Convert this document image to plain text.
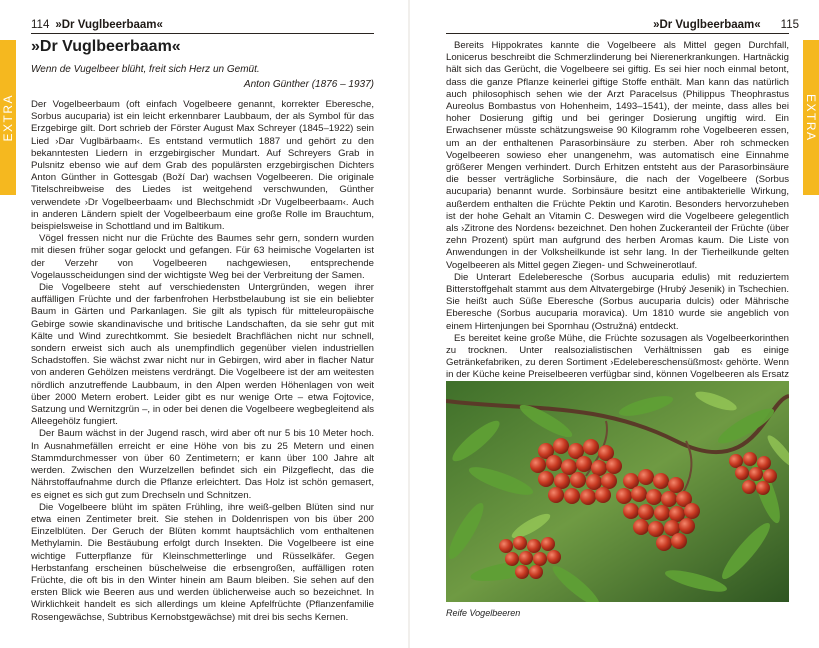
114 »Dr Vuglbeerbaam«
EXTRA
»Dr Vuglbeerbaam«
Wenn de Vugelbeer blüht, freit sich Herz un Gemüt.
Anton Günther (1876 – 1937)

Der Vogelbeerbaum (oft einfach Vogelbeere genannt, korrekter Eberesche, Sorbus aucuparia) ist ein leicht erkennbarer Laubbaum, der als Symbol für das Erzgebirge gilt. Dort schrieb der Förster August Max Schreyer (1845–1922) sein Lied ›Dar Vuglbärbaam‹. Es entstand vermutlich 1887 und gehört zu den bekanntesten Liedern in erzgebirgischer Mundart. Auf Schreyers Grab in Pulsnitz ebenso wie auf dem Grab des populärsten erzgebirgischen Dichters Anton Günther in Gottesgab (Boží Dar) wachsen Vogelbeeren. Die originale Titelschreibweise des Liedes ist weitgehend verschwunden, Günther verwendete ›Dr Vogelbeerbaam‹ und Blechschmidt ›Dr Vugelbeerbaam‹. Auch in anderen Ländern spielt der Vogelbeerbaum eine große Rolle im Brauchtum, beispielsweise in Schottland und im Baltikum.

Vögel fressen nicht nur die Früchte des Baumes sehr gern, sondern wurden mit diesen früher sogar gelockt und gefangen. Für 63 heimische Vogelarten ist der Verzehr von Vogelbeeren nachgewiesen, entsprechende Vogelausscheidungen sind der wichtigste Weg bei der Verbreitung der Samen.

Die Vogelbeere steht auf verschiedensten Untergründen, wegen ihrer auffälligen Früchte und der farbenfrohen Herbstbelaubung ist sie ein beliebter Baum in Gärten und Parkanlagen. Sie gilt als typisch für mitteleuropäische Gebirge sowie skandinavische und britische Landschaften, da sie sehr gut mit Kälte und Wind zurechtkommt. Sie besiedelt Brachflächen nicht nur schnell, sondern erweist sich auch als unempfindlich gegenüber vielen industriellen Schadstoffen. Sie wächst zwar nicht nur in Gebirgen, wird aber in flacher Natur von anderen Gehölzen meistens verdrängt. Die Vogelbeere ist der am weitesten nördlich anzutreffende Laubbaum, in den Alpen werden Höhenlagen von weit über 2000 Metern erobert. Leider gibt es nur wenige Orte – etwa Fojtovice, Satzung und Wernitzgrün –, in oder bei denen die Vogelbeere wegbegleitend als Alleegehölz fungiert.

Der Baum wächst in der Jugend rasch, wird aber oft nur 5 bis 10 Meter hoch. In Ausnahmefällen erreicht er eine Höhe von bis zu 25 Metern und einen Stammdurchmesser von über 60 Zentimetern; er kann über 100 Jahre alt werden. Zwischen den Wurzelzellen befindet sich ein Pilzgeflecht, das die Nährstoffaufnahme durch die Pflanze erleichtert. Das Holz ist schön gemasert, es eignet es sich gut zum Drechseln und Schnitzen.

Die Vogelbeere blüht im späten Frühling, ihre weiß-gelben Blüten sind nur etwa einen Zentimeter breit. Sie stehen in Doldenrispen von bis über 200 Einzelblüten. Der Geruch der Blüten kommt hauptsächlich vom enthaltenen Methylamin. Die Bestäubung erfolgt durch Insekten. Die Vogelbeere ist eine wichtige Futterpflanze für Kleinschmetterlinge und Rüsselkäfer. Gegen Herbstanfang erscheinen büschelweise die erbsengroßen, auffälligen roten Früchte, die oft bis in den Winter hinein am Baum bleiben. Sie sehen auf den ersten Blick wie Beeren aus und werden üblicherweise auch so bezeichnet. In Wirklichkeit handelt es sich allerdings um kleine Apfelfrüchte (Pflanzenfamilie Rosengewächse, Subtribus Kernobstgewächse) mit drei bis sechs Kernen.

»Dr Vuglbeerbaam« 115
EXTRA

Bereits Hippokrates kannte die Vogelbeere als Mittel gegen Durchfall, Lonicerus beschreibt die Schmerzlinderung bei Nierenerkrankungen. Hartnäckig hält sich das Gerücht, die Vogelbeere sei giftig. Es sei hier noch einmal betont, dass die ganze Pflanze keinerlei giftige Stoffe enthält. Man kann das natürlich auch philosophisch sehen wie der Arzt Paracelsus (Philippus Theophrastus Aureolus Bombastus von Hohenheim, 1493–1541), der meinte, dass alles bei hoher Dosierung giftig und bei geringer Dosierung ungiftig wird. Ein Erwachsener müsste schätzungsweise 90 Kilogramm rohe Vogelbeeren essen, um an der enthaltenen Parasorbinsäure zu sterben. Aber roh schmecken Vogelbeeren sowieso eher unangenehm, was automatisch eine Einnahme größerer Mengen verhindert. Durch Erhitzen entsteht aus der Parasorbinsäure die besser verträgliche Sorbinsäure, die nach der Vogelbeere (Sorbus aucuparia) benannt wurde. Sorbinsäure besitzt eine antibakterielle Wirkung, außerdem enthalten die Früchte Pektin und Karotin. Besonders hervorzuheben ist der hohe Gehalt an Vitamin C. Deswegen wird die Vogelbeere gelegentlich als ›Zitrone des Nordens‹ bezeichnet. Den hohen Zuckeranteil der Früchte (über zehn Prozent) spürt man aufgrund des herben Aromas kaum. Die Liste von Anwendungen in der Volksheilkunde ist sehr lang. In der Tierheilkunde gelten Vogelbeeren als Mittel gegen Ziegen- und Schweinerotlauf.

Die Unterart Edeleberesche (Sorbus aucuparia edulis) mit reduziertem Bitterstoffgehalt stammt aus dem Altvatergebirge (Hrubý Jesenik) in Tschechien. Sie heißt auch Süße Eberesche (Sorbus aucuparia dulcis) oder Mährische Eberesche (Sorbus aucuparia moravica). Um 1810 wurde sie angeblich von einem Hirtenjungen bei Spornhau (Ostružná) entdeckt.

Es bereitet keine große Mühe, die Früchte sozusagen als Vogelbeerkorinthen zu trocknen. Unter realsozialistischen Verhältnissen gab es einige Getränkefabriken, zu deren Sortiment ›Edelebereschensüßmost‹ gehörte. Wenn in der Küche keine Preiselbeeren verfügbar sind, können Vogelbeeren als Ersatz

Reife Vogelbeeren
